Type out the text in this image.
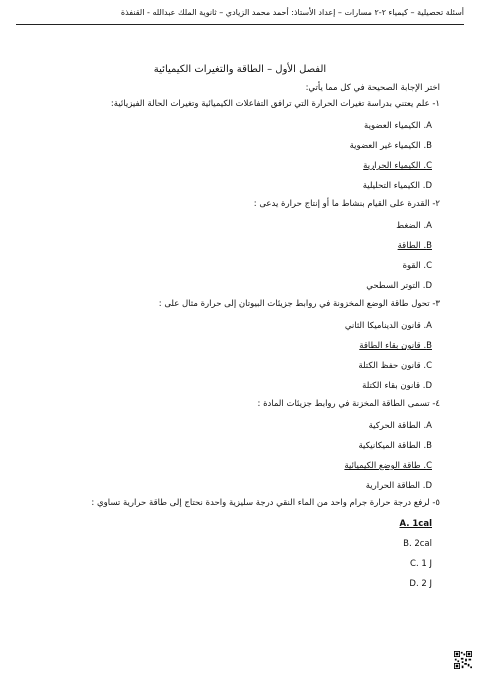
أسئلة تحصيلية – كيمياء ٢-٢ مسارات – إعداد الأستاذ: أحمد محمد الزيادي – ثانوية الملك عبدالله - القنفذة
الفصل الأول – الطاقة والتغيرات الكيميائية
اختر الإجابة الصحيحة في كل مما يأتي:
١- علم يعتني بدراسة تغيرات الحرارة التي ترافق التفاعلات الكيميائية وتغيرات الحالة الفيزيائية:
A. الكيمياء العضوية
B. الكيمياء غير العضوية
C. الكيمياء الحرارية
D. الكيمياء التحليلية
٢- القدرة على القيام بنشاط ما أو إنتاج حرارة يدعى :
A. الضغط
B. الطاقة
C. القوة
D. التوتر السطحي
٣- تحول طاقة الوضع المخزونة في روابط جزيئات البيوتان إلى حرارة مثال على :
A. قانون الديناميكا الثاني
B. قانون بقاء الطاقة
C. قانون حفظ الكتلة
D. قانون بقاء الكتلة
٤- تسمى الطاقة المخزنة في روابط جزيئات المادة :
A. الطاقة الحركية
B. الطاقة الميكانيكية
C. طاقة الوضع الكيميائية
D. الطاقة الحرارية
٥- لرفع درجة حرارة جرام واحد من الماء النقي درجة سليزية واحدة نحتاج إلى طاقة حرارية تساوي :
A. 1cal
B. 2cal
C. 1 J
D. 2 J
